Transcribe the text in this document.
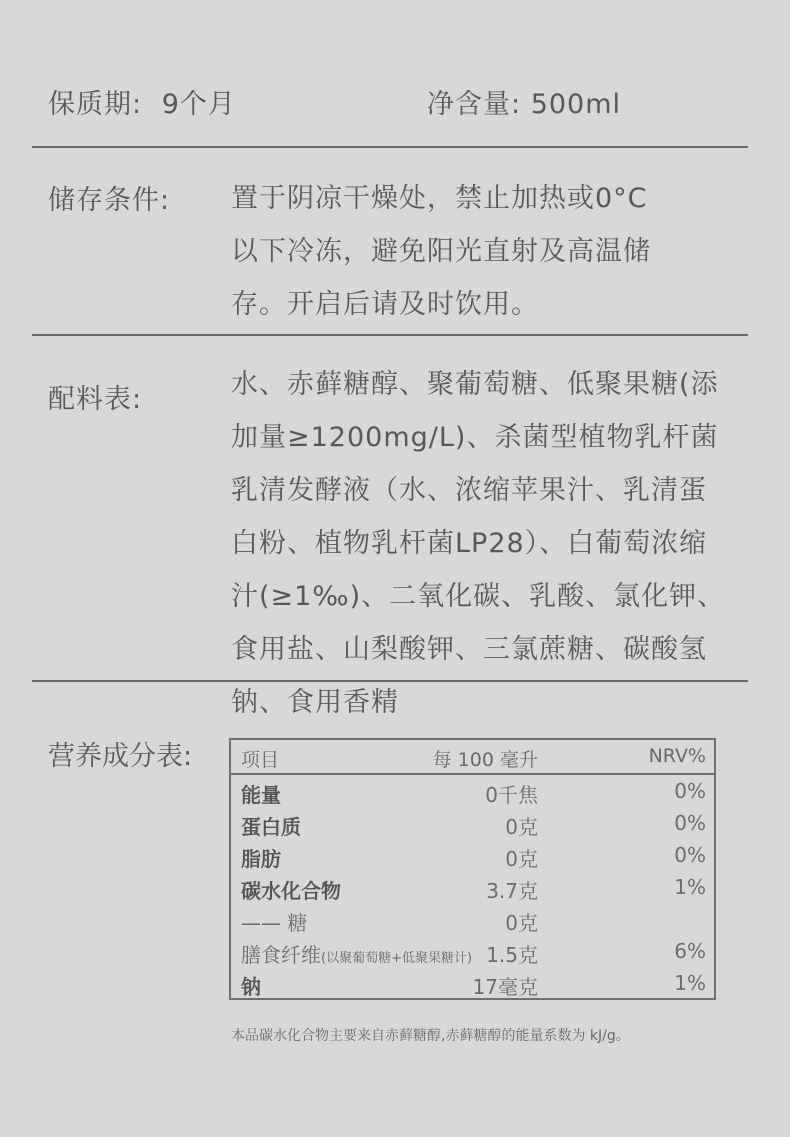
保质期: 9个月	净含量: 500ml
储存条件: 置于阴凉干燥处，禁止加热或0°C
以下冷冻，避免阳光直射及高温储
存。开启后请及时饮用。
配料表:	水、赤藓糖醇、聚葡萄糖、低聚果糖(添
加量≥1200mg/L)、杀菌型植物乳杆菌
乳清发酵液（水、浓缩苹果汁、乳清蛋
白粉、植物乳杆菌LP28）、白葡萄浓缩
汁(≥1‰)、二氧化碳、乳酸、氯化钾、
食用盐、山梨酸钾、三氯蔗糖、碳酸氢
钠、食用香精
营养成分表:	项目	每 100 毫升	NRV%
能量	0千焦	0%
蛋白质	0克	0%
脂肪	0克	0%
碳水化合物	3.7克	1%
—— 糖	0克
膳食纤维(以聚葡萄糖+低聚果糖计) 1.5克	6%
钠	17毫克	1%
本品碳水化合物主要来自赤藓糖醇,赤藓糖醇的能量系数为 kJ/g。
